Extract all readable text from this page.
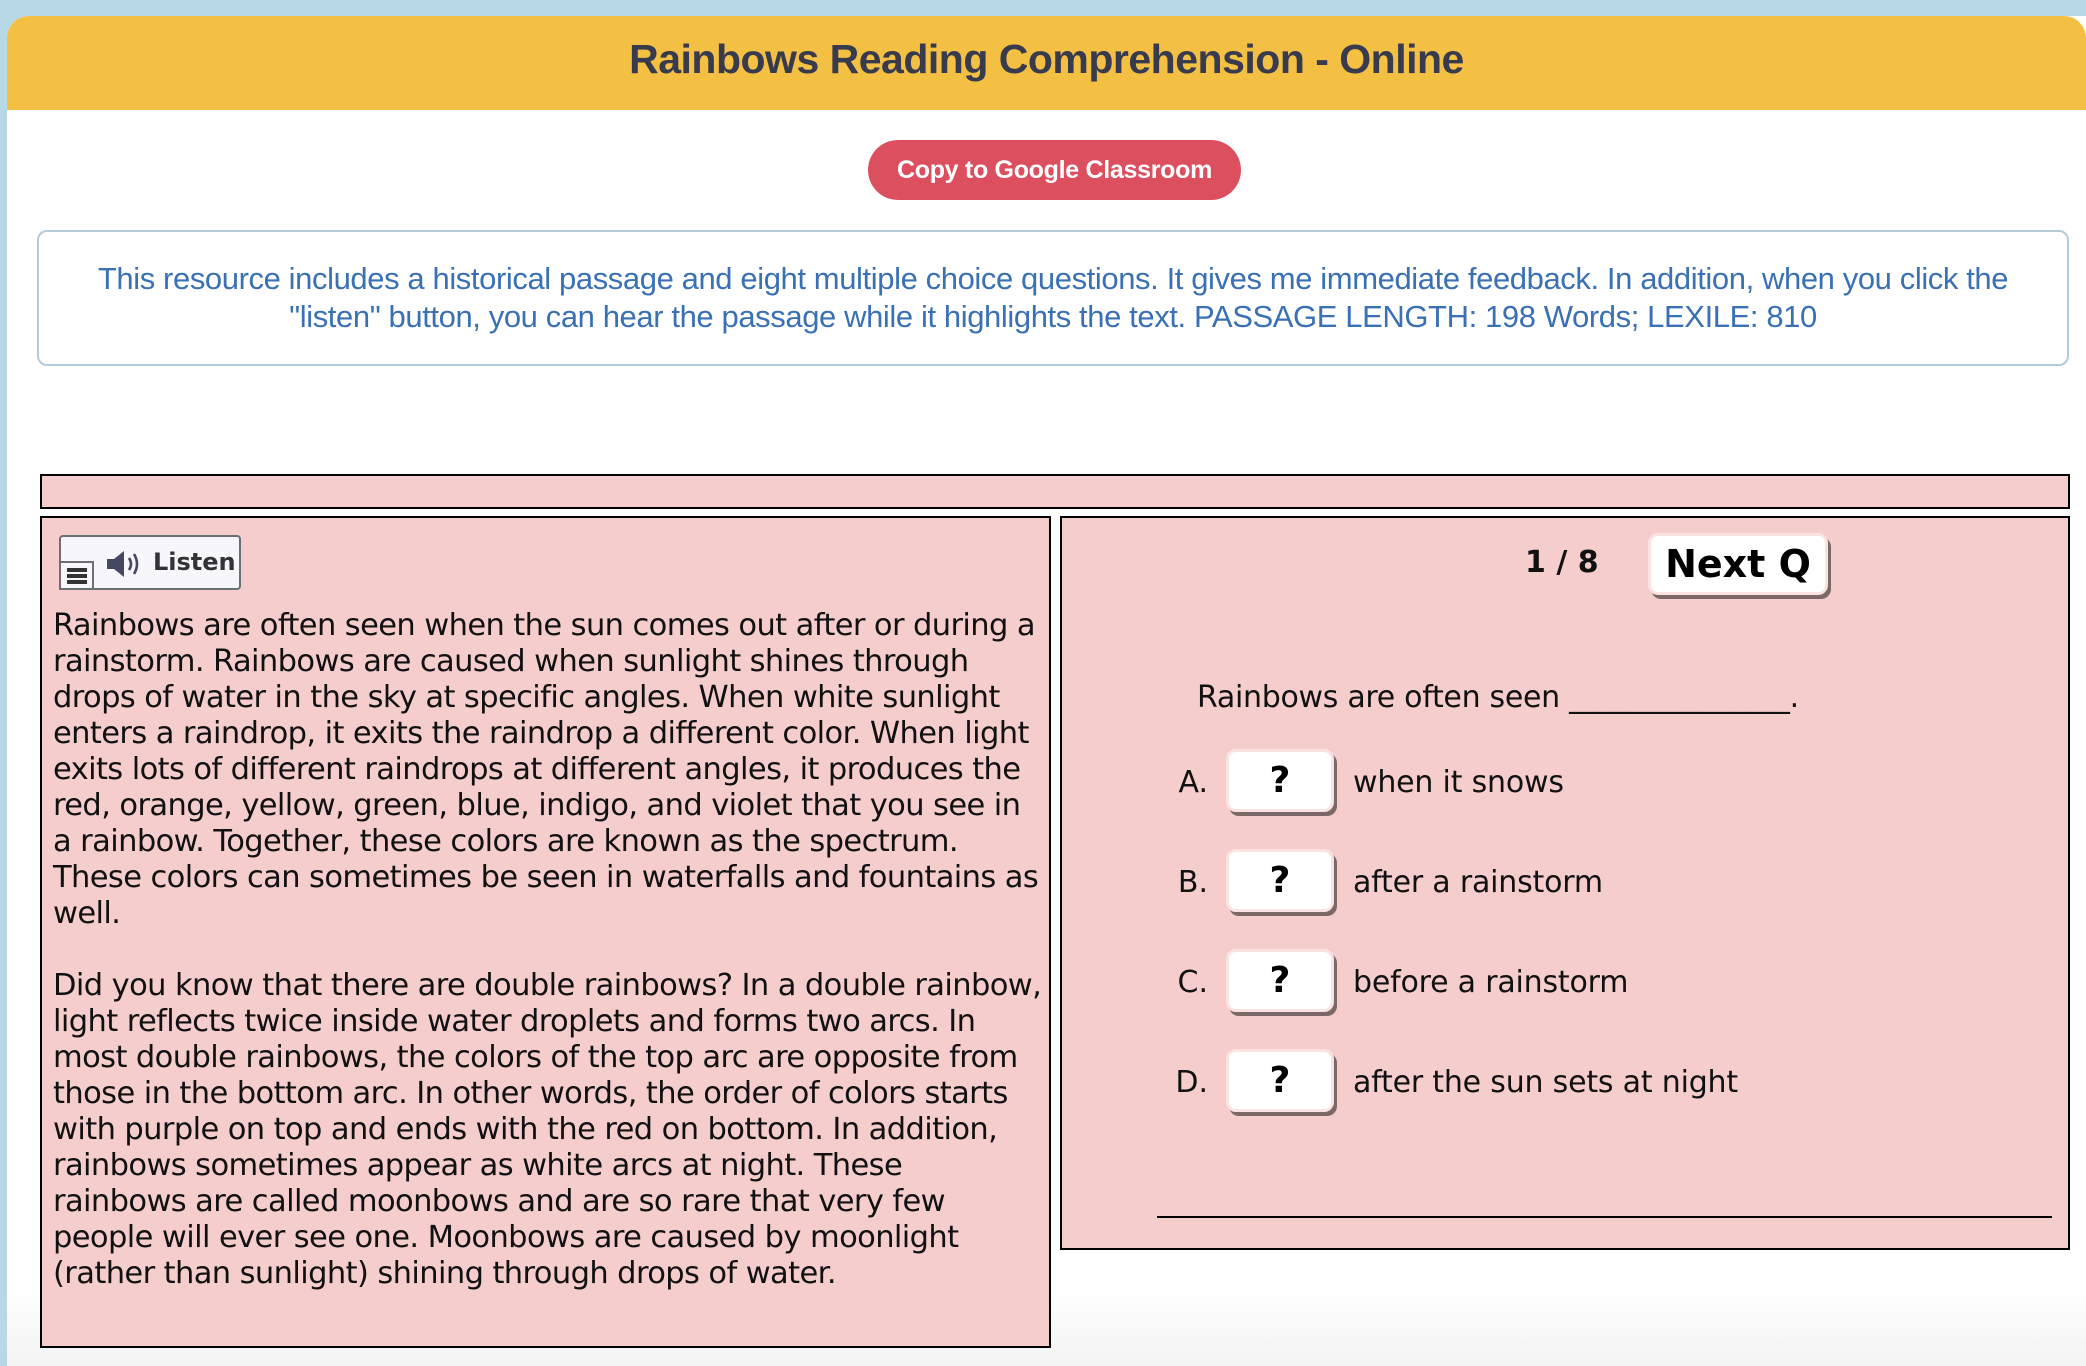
Rainbows Reading Comprehension - Online
Copy to Google Classroom
This resource includes a historical passage and eight multiple choice questions. It gives me immediate feedback. In addition, when you click the "listen" button, you can hear the passage while it highlights the text. PASSAGE LENGTH: 198 Words; LEXILE: 810
Listen

Rainbows are often seen when the sun comes out after or during a rainstorm. Rainbows are caused when sunlight shines through drops of water in the sky at specific angles. When white sunlight enters a raindrop, it exits the raindrop a different color. When light exits lots of different raindrops at different angles, it produces the red, orange, yellow, green, blue, indigo, and violet that you see in a rainbow. Together, these colors are known as the spectrum. These colors can sometimes be seen in waterfalls and fountains as well.

Did you know that there are double rainbows? In a double rainbow, light reflects twice inside water droplets and forms two arcs. In most double rainbows, the colors of the top arc are opposite from those in the bottom arc. In other words, the order of colors starts with purple on top and ends with the red on bottom. In addition, rainbows sometimes appear as white arcs at night. These rainbows are called moonbows and are so rare that very few people will ever see one. Moonbows are caused by moonlight (rather than sunlight) shining through drops of water.

1 / 8	Next Q
Rainbows are often seen _______________.
A.	?	when it snows
B.	?	after a rainstorm
C.	?	before a rainstorm
D.	?	after the sun sets at night
